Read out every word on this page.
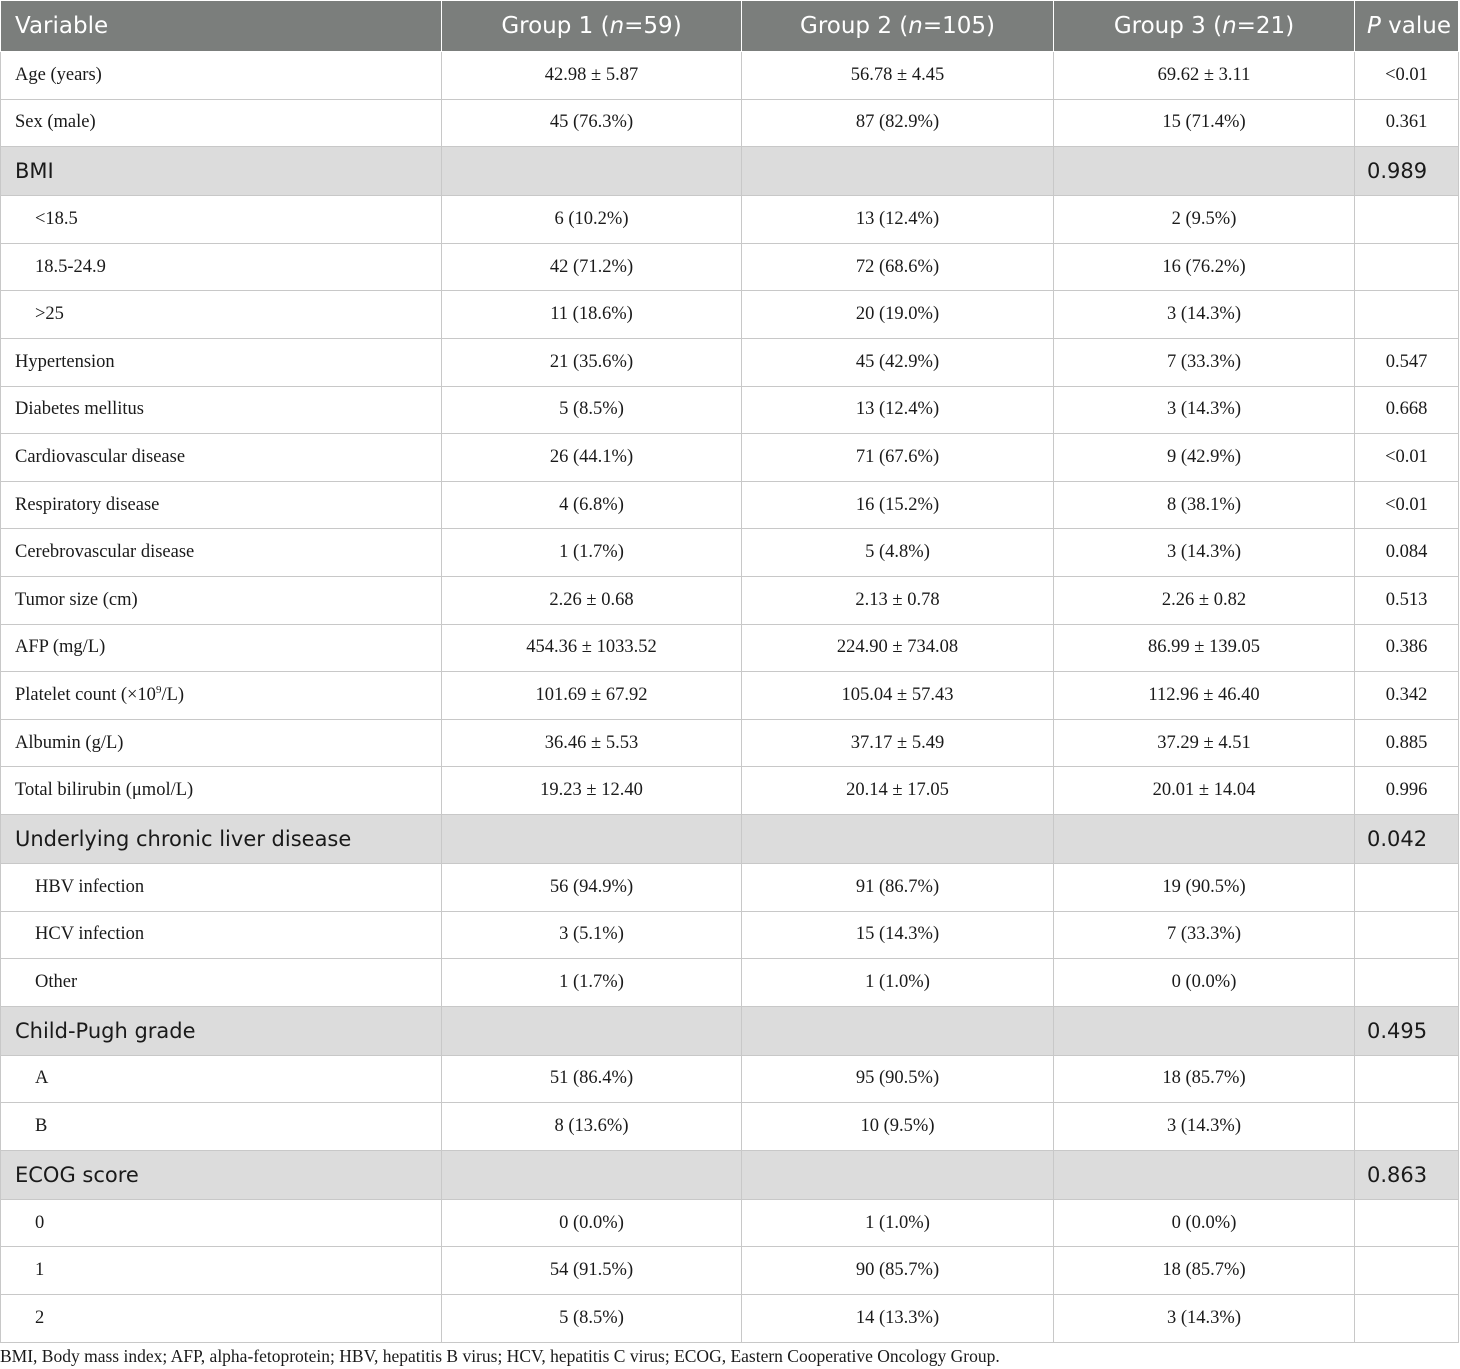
Variable	Group 1 (n=59)	Group 2 (n=105)	Group 3 (n=21)	P value
Age (years)	42.98 ± 5.87	56.78 ± 4.45	69.62 ± 3.11	<0.01
Sex (male)	45 (76.3%)	87 (82.9%)	15 (71.4%)	0.361
BMI				0.989
<18.5	6 (10.2%)	13 (12.4%)	2 (9.5%)	
18.5-24.9	42 (71.2%)	72 (68.6%)	16 (76.2%)	
>25	11 (18.6%)	20 (19.0%)	3 (14.3%)	
Hypertension	21 (35.6%)	45 (42.9%)	7 (33.3%)	0.547
Diabetes mellitus	5 (8.5%)	13 (12.4%)	3 (14.3%)	0.668
Cardiovascular disease	26 (44.1%)	71 (67.6%)	9 (42.9%)	<0.01
Respiratory disease	4 (6.8%)	16 (15.2%)	8 (38.1%)	<0.01
Cerebrovascular disease	1 (1.7%)	5 (4.8%)	3 (14.3%)	0.084
Tumor size (cm)	2.26 ± 0.68	2.13 ± 0.78	2.26 ± 0.82	0.513
AFP (mg/L)	454.36 ± 1033.52	224.90 ± 734.08	86.99 ± 139.05	0.386
Platelet count $(\times 10^9/L)$	101.69 ± 67.92	105.04 ± 57.43	112.96 ± 46.40	0.342
Albumin (g/L)	36.46 ± 5.53	37.17 ± 5.49	37.29 ± 4.51	0.885
Total bilirubin (μmol/L)	19.23 ± 12.40	20.14 ± 17.05	20.01 ± 14.04	0.996
Underlying chronic liver disease				0.042
HBV infection	56 (94.9%)	91 (86.7%)	19 (90.5%)	
HCV infection	3 (5.1%)	15 (14.3%)	7 (33.3%)	
Other	1 (1.7%)	1 (1.0%)	0 (0.0%)	
Child-Pugh grade				0.495
A	51 (86.4%)	95 (90.5%)	18 (85.7%)	
B	8 (13.6%)	10 (9.5%)	3 (14.3%)	
ECOG score				0.863
0	0 (0.0%)	1 (1.0%)	0 (0.0%)	
1	54 (91.5%)	90 (85.7%)	18 (85.7%)	
2	5 (8.5%)	14 (13.3%)	3 (14.3%)	
BMI, Body mass index; AFP, alpha-fetoprotein; HBV, hepatitis B virus; HCV, hepatitis C virus; ECOG, Eastern Cooperative Oncology Group.
